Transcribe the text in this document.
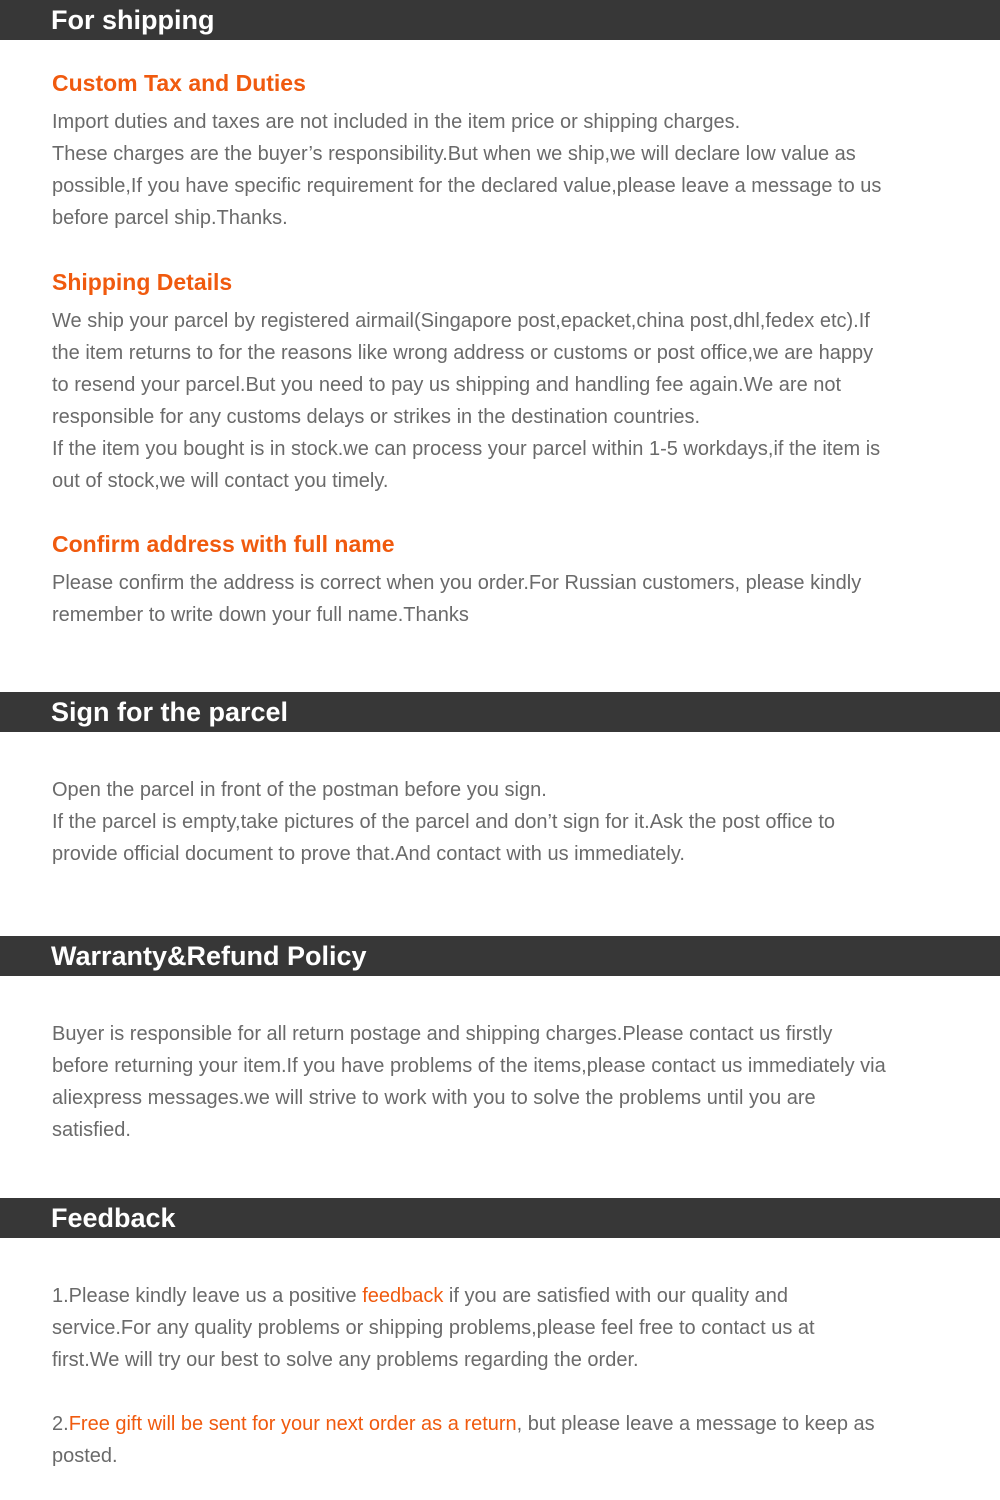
For shipping
Custom Tax and Duties

Import duties and taxes are not included in the item price or shipping charges.
These charges are the buyer’s responsibility.But when we ship,we will declare low value as
possible,If you have specific requirement for the declared value,please leave a message to us
before parcel ship.Thanks.

Shipping Details

We ship your parcel by registered airmail(Singapore post,epacket,china post,dhl,fedex etc).If
the item returns to for the reasons like wrong address or customs or post office,we are happy
to resend your parcel.But you need to pay us shipping and handling fee again.We are not
responsible for any customs delays or strikes in the destination countries.
If the item you bought is in stock.we can process your parcel within 1-5 workdays,if the item is
out of stock,we will contact you timely.

Confirm address with full name

Please confirm the address is correct when you order.For Russian customers, please kindly
remember to write down your full name.Thanks

Sign for the parcel

Open the parcel in front of the postman before you sign.
If the parcel is empty,take pictures of the parcel and don’t sign for it.Ask the post office to
provide official document to prove that.And contact with us immediately.

Warranty&Refund Policy

Buyer is responsible for all return postage and shipping charges.Please contact us firstly
before returning your item.If you have problems of the items,please contact us immediately via
aliexpress messages.we will strive to work with you to solve the problems until you are
satisfied.

Feedback

1.Please kindly leave us a positive feedback if you are satisfied with our quality and
service.For any quality problems or shipping problems,please feel free to contact us at
first.We will try our best to solve any problems regarding the order.

2.Free gift will be sent for your next order as a return, but please leave a message to keep as
posted.
